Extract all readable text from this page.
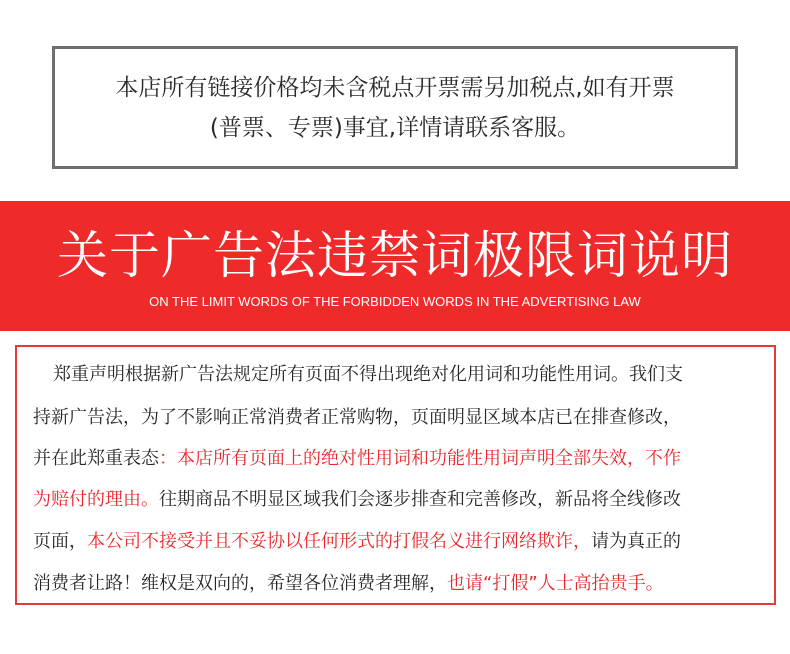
本店所有链接价格均未含税点开票需另加税点,如有开票
(普票、专票)事宜,详情请联系客服。
关于广告法违禁词极限词说明
ON THE LIMIT WORDS OF THE FORBIDDEN WORDS IN THE ADVERTISING LAW
郑重声明根据新广告法规定所有页面不得出现绝对化用词和功能性用词。我们支
持新广告法，为了不影响正常消费者正常购物，页面明显区域本店已在排查修改，
并在此郑重表态：本店所有页面上的绝对性用词和功能性用词声明全部失效，不作
为赔付的理由。往期商品不明显区域我们会逐步排查和完善修改，新品将全线修改
页面，本公司不接受并且不妥协以任何形式的打假名义进行网络欺诈，请为真正的
消费者让路！维权是双向的，希望各位消费者理解，也请“打假”人士高抬贵手。
